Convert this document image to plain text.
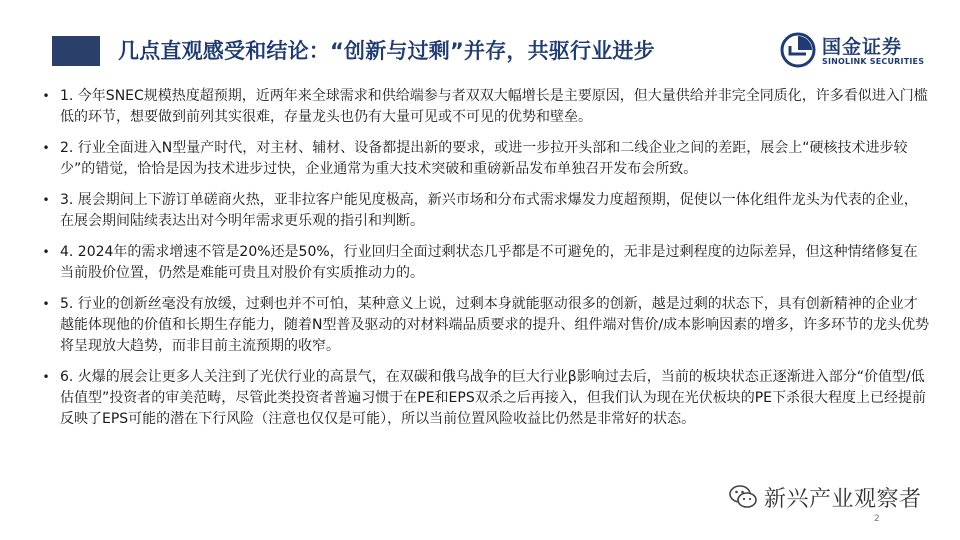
几点直观感受和结论：“创新与过剩”并存，共驱行业进步	国金证券
SINOLINK SECURITIES
• 1. 今年SNEC规模热度超预期，近两年来全球需求和供给端参与者双双大幅增长是主要原因，但大量供给并非完全同质化，许多看似进入门槛低的环节，想要做到前列其实很难，存量龙头也仍有大量可见或不可见的优势和壁垒。
• 2. 行业全面进入N型量产时代，对主材、辅材、设备都提出新的要求，或进一步拉开头部和二线企业之间的差距，展会上“硬核技术进步较少”的错觉，恰恰是因为技术进步过快，企业通常为重大技术突破和重磅新品发布单独召开发布会所致。
• 3. 展会期间上下游订单磋商火热，亚非拉客户能见度极高，新兴市场和分布式需求爆发力度超预期，促使以一体化组件龙头为代表的企业，在展会期间陆续表达出对今明年需求更乐观的指引和判断。
• 4. 2024年的需求增速不管是20%还是50%，行业回归全面过剩状态几乎都是不可避免的，无非是过剩程度的边际差异，但这种情绪修复在当前股价位置，仍然是难能可贵且对股价有实质推动力的。
• 5. 行业的创新丝毫没有放缓，过剩也并不可怕，某种意义上说，过剩本身就能驱动很多的创新，越是过剩的状态下，具有创新精神的企业才越能体现他的价值和长期生存能力，随着N型普及驱动的对材料端品质要求的提升、组件端对售价/成本影响因素的增多，许多环节的龙头优势将呈现放大趋势，而非目前主流预期的收窄。
• 6. 火爆的展会让更多人关注到了光伏行业的高景气，在双碳和俄乌战争的巨大行业β影响过去后，当前的板块状态正逐渐进入部分“价值型/低估值型”投资者的审美范畴，尽管此类投资者普遍习惯于在PE和EPS双杀之后再接入，但我们认为现在光伏板块的PE下杀很大程度上已经提前反映了EPS可能的潜在下行风险（注意也仅仅是可能），所以当前位置风险收益比仍然是非常好的状态。
新兴产业观察者
2
